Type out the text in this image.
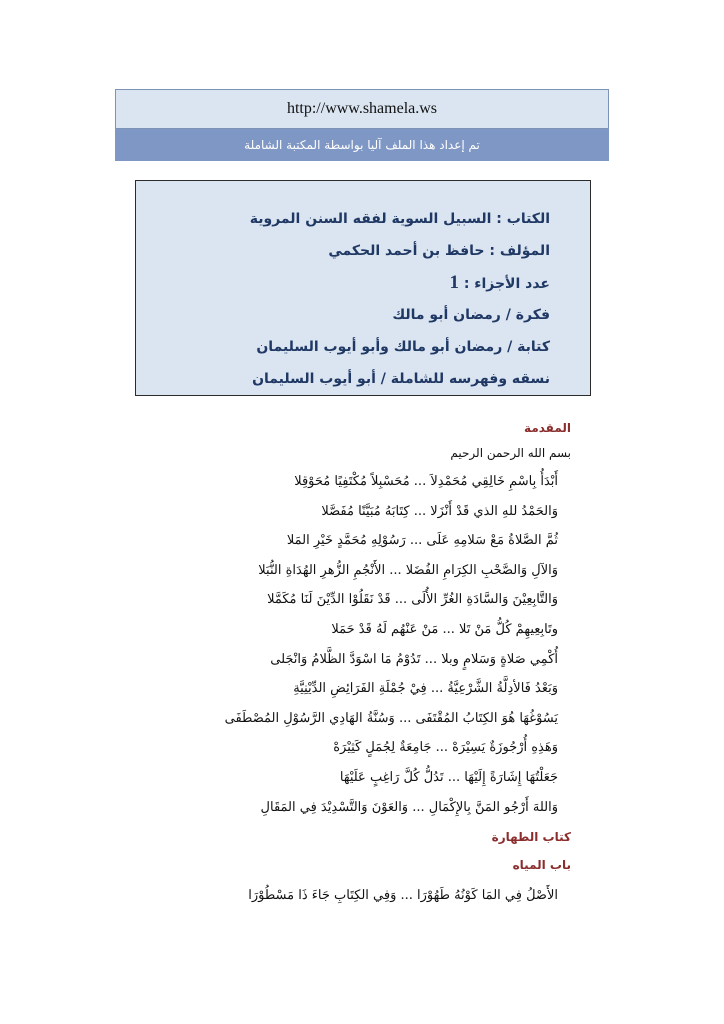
http://www.shamela.ws
تم إعداد هذا الملف آليا بواسطة المكتبة الشاملة
الكتاب : السبيل السوية لفقه السنن المروية
المؤلف : حافظ بن أحمد الحكمي
عدد الأجزاء : 1
فكرة / رمضان أبو مالك
كتابة / رمضان أبو مالك وأبو أيوب السليمان
نسقه وفهرسه للشاملة / أبو أيوب السليمان
المقدمة
بسم الله الرحمن الرحيم
أَبْدَأُ بِاسْمِ خَالِقِي مُحَمْدِلاَ ... مُحَسْبِلاً مُكْتَفِيًا مُحَوْقِلا
وَالحَمْدُ للهِ الذي قَدْ أَنْزَلا ... كِتَابَهُ مُبَيَّنًا مُفَصَّلا
ثُمَّ الصَّلاةُ مَعْ سَلامِهِ عَلَى ... رَسُوْلِهِ مُحَمَّدٍ خَيْرِ المَلا
وَالآلِ وَالصَّحْبِ الكِرَامِ الفُضَلا ... الأَنْجُمِ الزُّهرِ الهُدَاةِ النُّبَلا
وَالتَّابِعِيْنَ وَالسَّادَةِ الغُرِّ الأُلَى ... قَدْ نَقَلُوْا الدِّيْنَ لَنَا مُكَمَّلا
وتَابِعِيهِمْ كُلُّ مَنْ تَلا ... مَنْ عَنْهُم لَهُ قَدْ حَمَلا
أُكْمِي صَلاةٍ وَسَلامٍ وبلا ... تَدُوْمُ مَا اسْوَدَّ الظَّلامُ وَانْجَلى
وَبَعْدُ فَالأدِلَّةُ الشَّرْعِيَّةُ ... فِيْ جُمْلَةِ الفَرَائِضِ الدِّيْنِيَّةِ
يَسُوْغُهَا هُوَ الكِتَابُ المُقْتَفَى ... وَسُنَّةُ الهَادِي الرَّسُوْلِ المُصْطَفَى
وَهَذِهِ أُرْجُوزَةٌ يَسِيْرَهْ ... جَامِعَةٌ لِجُمَلٍ كَثِيْرَهْ
جَعَلْتُهَا إِشَارَةً إِلَيْهَا ... تَدُلُّ كُلَّ رَاغِبٍ عَلَيْهَا
وَاللهَ أَرْجُو المَنَّ بِالإِكْمَالِ ... وَالعَوْنَ وَالتَّسْدِيْدَ فِي المَقَالِ
كتاب الطهارة
باب المياه
الأَصْلُ فِي المَا كَوْنُهُ طَهُوْرَا ... وَفِي الكِتَابِ جَاءَ ذَا مَسْطُوْرَا
